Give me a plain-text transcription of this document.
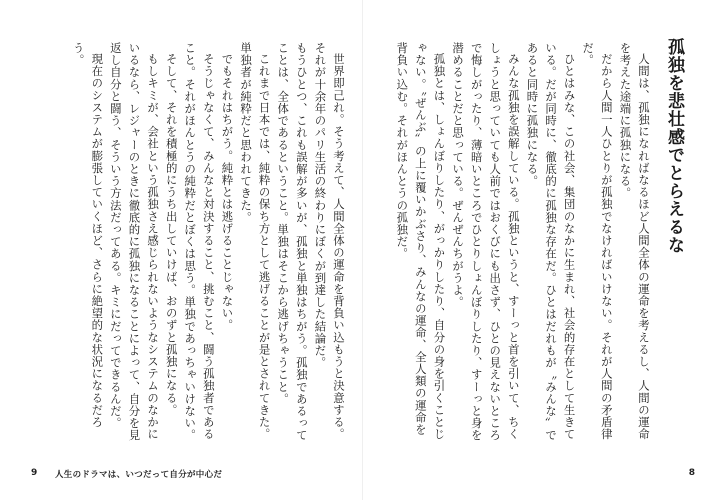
孤独を悲壮感でとらえるな

人間は、孤独になればなるほど人間全体の運命を考えるし、人間の運命を考えた途端に孤独になる。

だから人間一人ひとりが孤独でなければいけない。それが人間の矛盾律だ。

ひとはみな、この社会、集団のなかに生まれ、社会的存在として生きている。だが同時に、徹底的に孤独な存在だ。ひとはだれもが〝みんな〟であると同時に孤独になる。

みんな孤独を誤解している。孤独というと、すーっと首を引いて、ちくしょうと思っていても人前ではおくびにも出さず、ひとの見えないところで悔しがったり、薄暗いところでひとりしょんぼりしたり、すーっと身を潜めることだと思っている。ぜんぜんちがうよ。

孤独とは、しょんぼりしたり、がっかりしたり、自分の身を引くことじゃない。〝ぜんぶ〟の上に覆いかぶさり、みんなの運命、全人類の運命を背負い込む。それがほんとうの孤独だ。

8

世界即己れ。そう考えて、人間全体の運命を背負い込もうと決意する。それが十余年のパリ生活の終わりにぼくが到達した結論だ。

もうひとつ、これも誤解が多いが、孤独と単独はちがう。孤独であるってことは、全体であるということ。単独はそこから逃げちゃうこと。

これまで日本では、純粋の保ち方として逃げることが是とされてきた。単独者が純粋だと思われてきた。

でもそれはちがう。純粋とは逃げることじゃない。

そうじゃなくて、みんなと対決すること、挑むこと、闘う孤独者であること。それがほんとうの純粋だとぼくは思う。単独であっちゃいけない。

そして、それを積極的にうち出していけば、おのずと孤独になる。

もしキミが、会社という孤独さえ感じられないようなシステムのなかにいるなら、レジャーのときに徹底的に孤独になることによって、自分を見返し自分と闘う、そういう方法だってある。キミにだってできるんだ。

現在のシステムが膨張していくほど、さらに絶望的な状況になるだろう。

9 人生のドラマは、いつだって自分が中心だ
